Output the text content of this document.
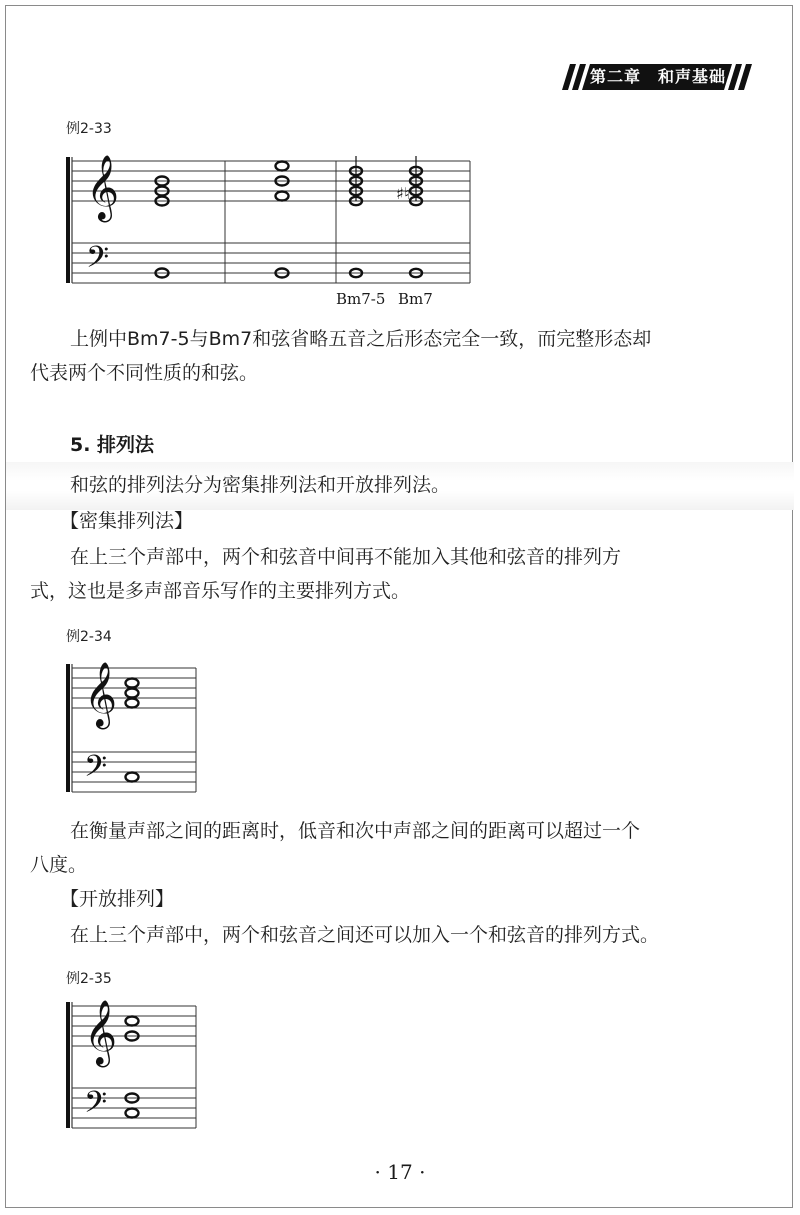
第二章　和声基础
例2-33
𝄞
𝄢
♯ ♮
Bm7-5 Bm7

上例中Bm7-5与Bm7和弦省略五音之后形态完全一致，而完整形态却

代表两个不同性质的和弦。

5. 排列法

和弦的排列法分为密集排列法和开放排列法。

【密集排列法】

在上三个声部中，两个和弦音中间再不能加入其他和弦音的排列方

式，这也是多声部音乐写作的主要排列方式。

例2-34
𝄞
𝄢

在衡量声部之间的距离时，低音和次中声部之间的距离可以超过一个

八度。

【开放排列】

在上三个声部中，两个和弦音之间还可以加入一个和弦音的排列方式。

例2-35
𝄞
𝄢
· 17 ·
